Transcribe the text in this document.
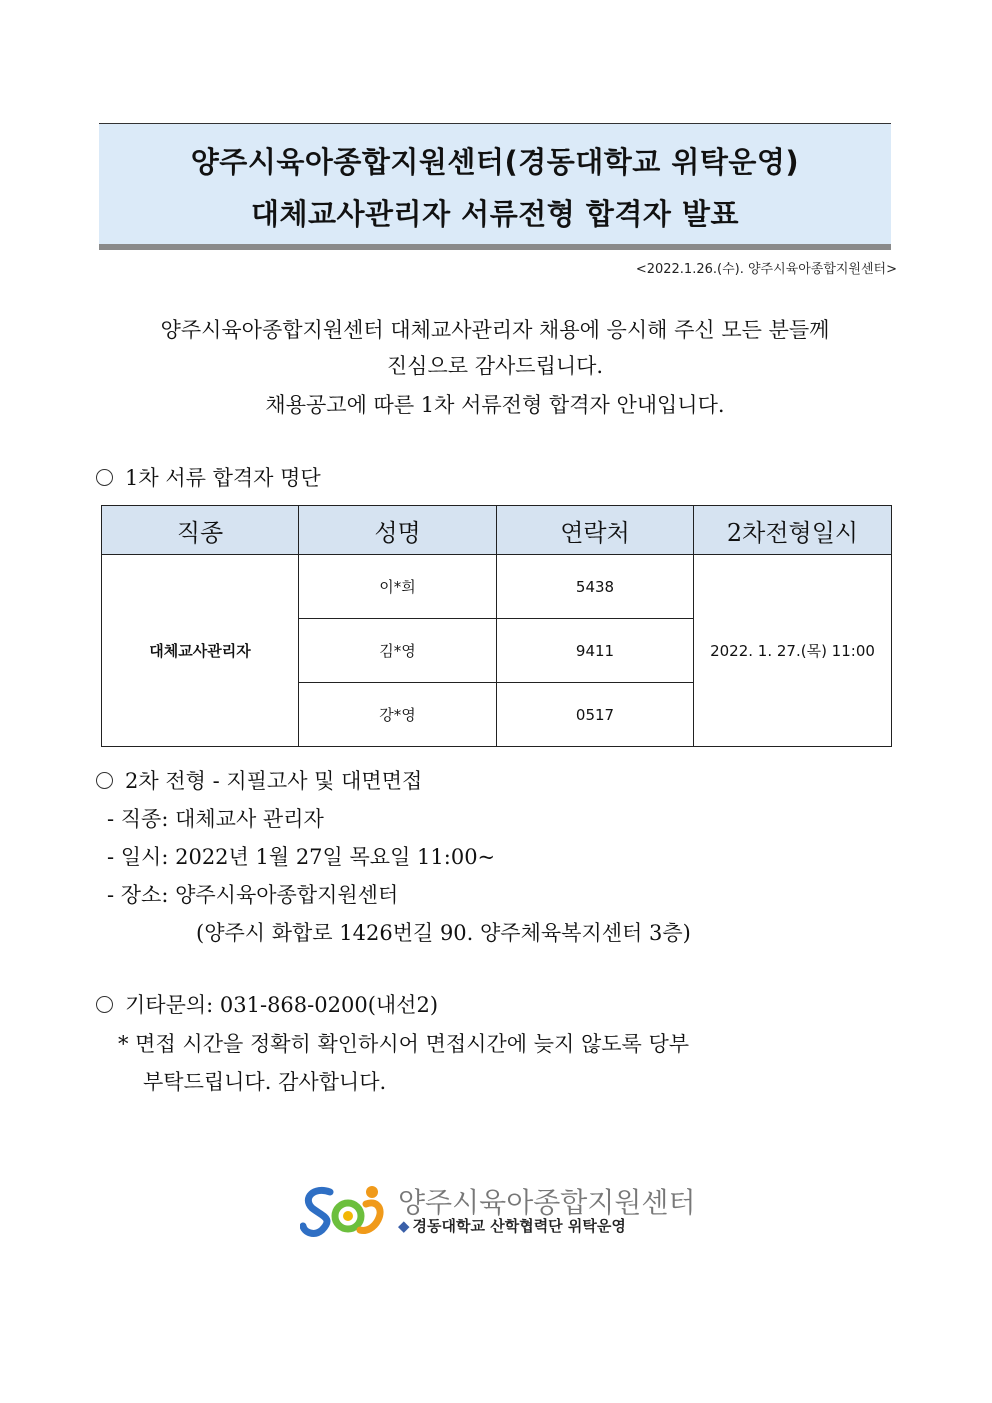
양주시육아종합지원센터(경동대학교 위탁운영)
대체교사관리자 서류전형 합격자 발표
<2022.1.26.(수). 양주시육아종합지원센터>
양주시육아종합지원센터 대체교사관리자 채용에 응시해 주신 모든 분들께
진심으로 감사드립니다.
채용공고에 따른 1차 서류전형 합격자 안내입니다.
1차 서류 합격자 명단
직종	성명	연락처	2차전형일시
대체교사관리자	이*희	5438	2022. 1. 27.(목) 11:00
	김*영	9411	
	강*영	0517	
2차 전형 - 지필고사 및 대면면접
- 직종: 대체교사 관리자
- 일시: 2022년 1월 27일 목요일 11:00~
- 장소: 양주시육아종합지원센터
(양주시 화합로 1426번길 90. 양주체육복지센터 3층)
기타문의: 031-868-0200(내선2)
* 면접 시간을 정확히 확인하시어 면접시간에 늦지 않도록 당부
부탁드립니다. 감사합니다.
양주시육아종합지원센터
◆ 경동대학교 산학협력단 위탁운영
